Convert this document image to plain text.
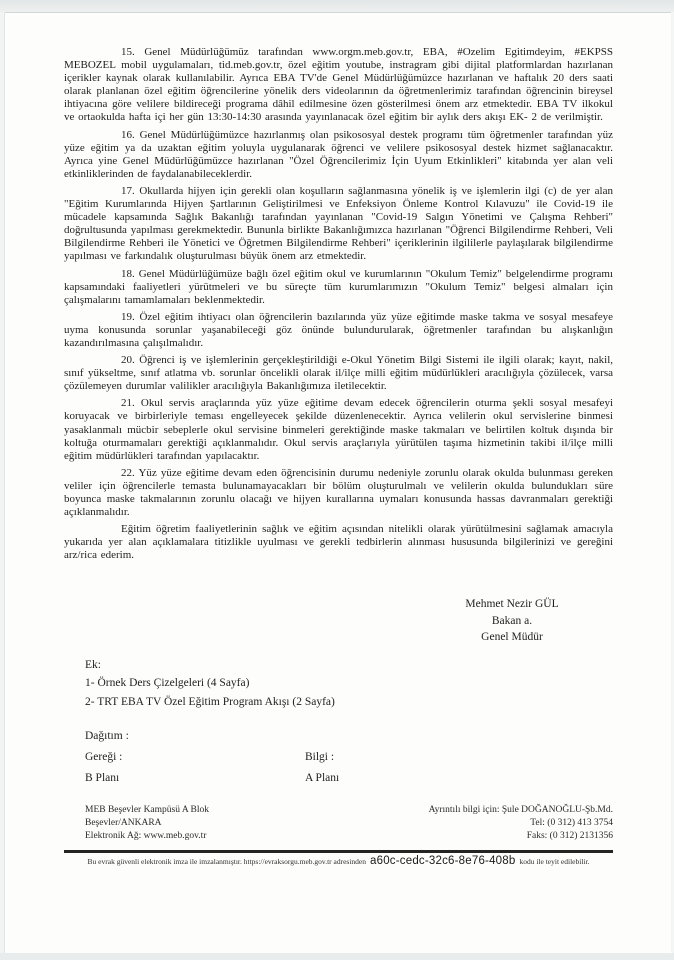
15. Genel Müdürlüğümüz tarafından www.orgm.meb.gov.tr, EBA, #Ozelim Egitimdeyim, #EKPSS MEBOZEL mobil uygulamaları, tid.meb.gov.tr, özel eğitim youtube, instragram gibi dijital platformlardan hazırlanan içerikler kaynak olarak kullanılabilir. Ayrıca EBA TV'de Genel Müdürlüğümüzce hazırlanan ve haftalık 20 ders saati olarak planlanan özel eğitim öğrencilerine yönelik ders videolarının da öğretmenlerimiz tarafından öğrencinin bireysel ihtiyacına göre velilere bildireceği programa dâhil edilmesine özen gösterilmesi önem arz etmektedir. EBA TV ilkokul ve ortaokulda hafta içi her gün 13:30-14:30 arasında yayınlanacak özel eğitim bir aylık ders akışı EK- 2 de verilmiştir.

16. Genel Müdürlüğümüzce hazırlanmış olan psikososyal destek programı tüm öğretmenler tarafından yüz yüze eğitim ya da uzaktan eğitim yoluyla uygulanarak öğrenci ve velilere psikososyal destek hizmet sağlanacaktır. Ayrıca yine Genel Müdürlüğümüzce hazırlanan "Özel Öğrencilerimiz İçin Uyum Etkinlikleri" kitabında yer alan veli etkinliklerinden de faydalanabileceklerdir.

17. Okullarda hijyen için gerekli olan koşulların sağlanmasına yönelik iş ve işlemlerin ilgi (c) de yer alan "Eğitim Kurumlarında Hijyen Şartlarının Geliştirilmesi ve Enfeksiyon Önleme Kontrol Kılavuzu" ile Covid-19 ile mücadele kapsamında Sağlık Bakanlığı tarafından yayınlanan "Covid-19 Salgın Yönetimi ve Çalışma Rehberi" doğrultusunda yapılması gerekmektedir. Bununla birlikte Bakanlığımızca hazırlanan "Öğrenci Bilgilendirme Rehberi, Veli Bilgilendirme Rehberi ile Yönetici ve Öğretmen Bilgilendirme Rehberi" içeriklerinin ilgililerle paylaşılarak bilgilendirme yapılması ve farkındalık oluşturulması büyük önem arz etmektedir.

18. Genel Müdürlüğümüze bağlı özel eğitim okul ve kurumlarının "Okulum Temiz" belgelendirme programı kapsamındaki faaliyetleri yürütmeleri ve bu süreçte tüm kurumlarımızın "Okulum Temiz" belgesi almaları için çalışmalarını tamamlamaları beklenmektedir.

19. Özel eğitim ihtiyacı olan öğrencilerin bazılarında yüz yüze eğitimde maske takma ve sosyal mesafeye uyma konusunda sorunlar yaşanabileceği göz önünde bulundurularak, öğretmenler tarafından bu alışkanlığın kazandırılmasına çalışılmalıdır.

20. Öğrenci iş ve işlemlerinin gerçekleştirildiği e-Okul Yönetim Bilgi Sistemi ile ilgili olarak; kayıt, nakil, sınıf yükseltme, sınıf atlatma vb. sorunlar öncelikli olarak il/ilçe milli eğitim müdürlükleri aracılığıyla çözülecek, varsa çözülemeyen durumlar valilikler aracılığıyla Bakanlığımıza iletilecektir.

21. Okul servis araçlarında yüz yüze eğitime devam edecek öğrencilerin oturma şekli sosyal mesafeyi koruyacak ve birbirleriyle teması engelleyecek şekilde düzenlenecektir. Ayrıca velilerin okul servislerine binmesi yasaklanmalı mücbir sebeplerle okul servisine binmeleri gerektiğinde maske takmaları ve belirtilen koltuk dışında bir koltuğa oturmamaları gerektiği açıklanmalıdır. Okul servis araçlarıyla yürütülen taşıma hizmetinin takibi il/ilçe milli eğitim müdürlükleri tarafından yapılacaktır.

22. Yüz yüze eğitime devam eden öğrencisinin durumu nedeniyle zorunlu olarak okulda bulunması gereken veliler için öğrencilerle temasta bulunamayacakları bir bölüm oluşturulmalı ve velilerin okulda bulundukları süre boyunca maske takmalarının zorunlu olacağı ve hijyen kurallarına uymaları konusunda hassas davranmaları gerektiği açıklanmalıdır.

Eğitim öğretim faaliyetlerinin sağlık ve eğitim açısından nitelikli olarak yürütülmesini sağlamak amacıyla yukarıda yer alan açıklamalara titizlikle uyulması ve gerekli tedbirlerin alınması hususunda bilgilerinizi ve gereğini arz/rica ederim.

Mehmet Nezir GÜL
Bakan a.
Genel Müdür
Ek:
1- Örnek Ders Çizelgeleri (4 Sayfa)
2- TRT EBA TV Özel Eğitim Program Akışı (2 Sayfa)
Dağıtım :
Gereği :	Bilgi :
B Planı	A Planı
MEB Beşevler Kampüsü A Blok
Beşevler/ANKARA
Elektronik Ağ: www.meb.gov.tr
Ayrıntılı bilgi için: Şule DOĞANOĞLU-Şb.Md.
Tel: (0 312) 413 3754
Faks: (0 312) 2131356
Bu evrak güvenli elektronik imza ile imzalanmıştır. https://evraksorgu.meb.gov.tr adresinden a60c-cedc-32c6-8e76-408b kodu ile teyit edilebilir.
